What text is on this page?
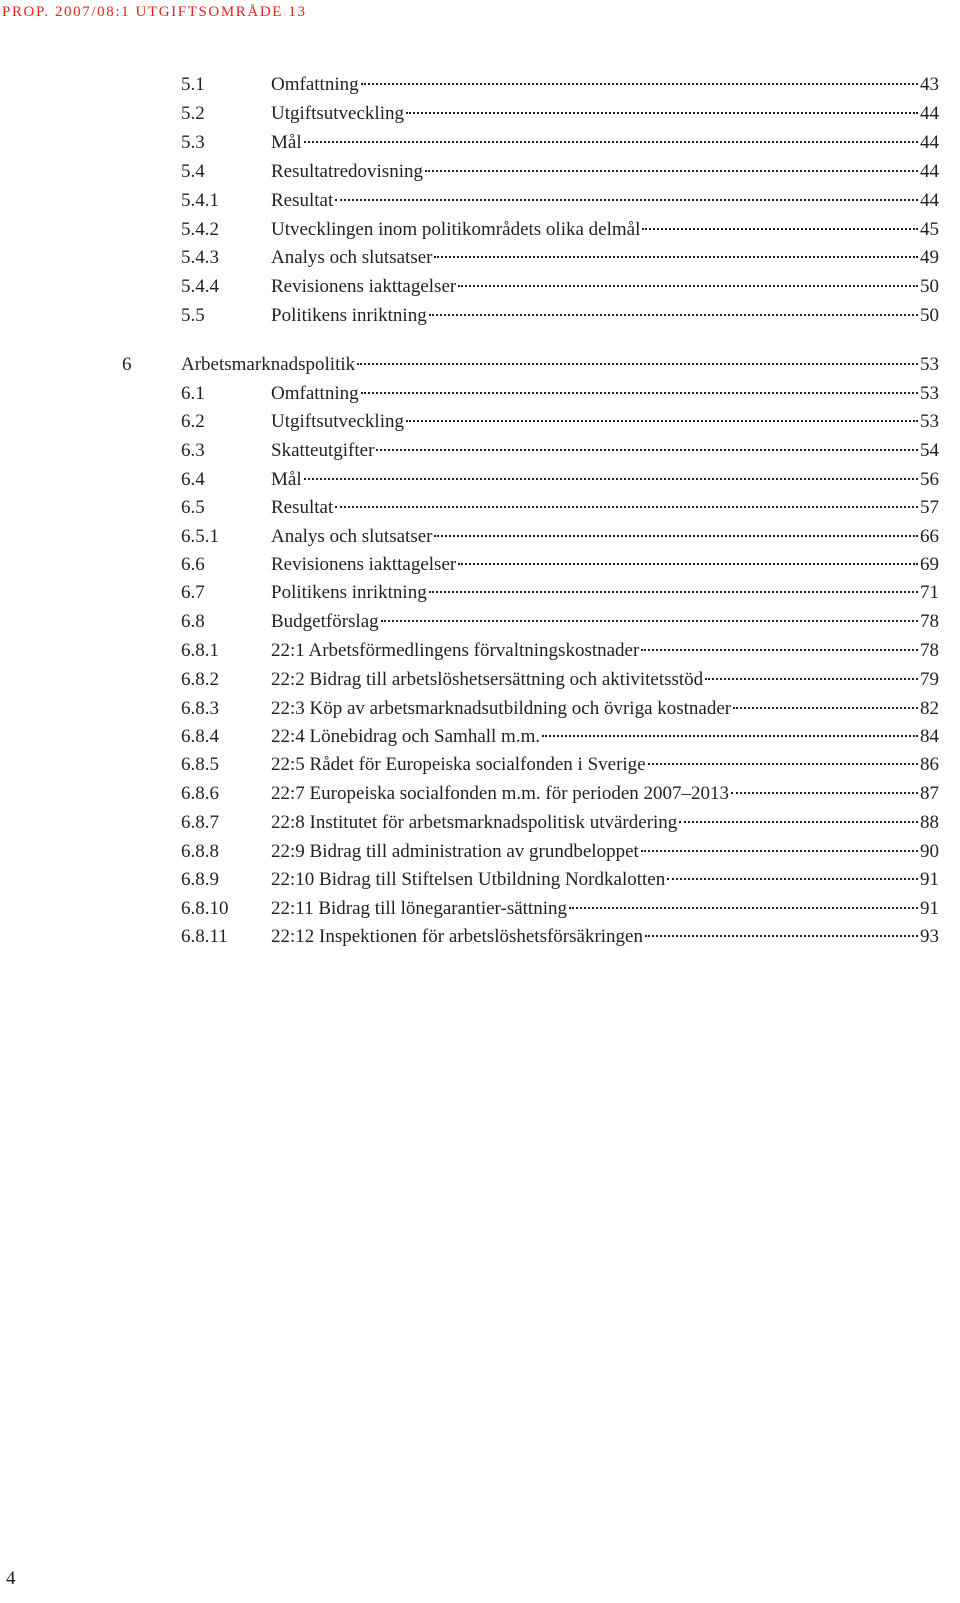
PROP. 2007/08:1 UTGIFTSOMRÅDE 13
5.1	Omfattning	43
5.2	Utgiftsutveckling	44
5.3	Mål	44
5.4	Resultatredovisning	44
5.4.1	Resultat	44
5.4.2	Utvecklingen inom politikområdets olika delmål	45
5.4.3	Analys och slutsatser	49
5.4.4	Revisionens iakttagelser	50
5.5	Politikens inriktning	50
6	Arbetsmarknadspolitik	53
6.1	Omfattning	53
6.2	Utgiftsutveckling	53
6.3	Skatteutgifter	54
6.4	Mål	56
6.5	Resultat	57
6.5.1	Analys och slutsatser	66
6.6	Revisionens iakttagelser	69
6.7	Politikens inriktning	71
6.8	Budgetförslag	78
6.8.1	22:1 Arbetsförmedlingens förvaltningskostnader	78
6.8.2	22:2 Bidrag till arbetslöshetsersättning och aktivitetsstöd	79
6.8.3	22:3 Köp av arbetsmarknadsutbildning och övriga kostnader	82
6.8.4	22:4 Lönebidrag och Samhall m.m.	84
6.8.5	22:5 Rådet för Europeiska socialfonden i Sverige	86
6.8.6	22:7 Europeiska socialfonden m.m. för perioden 2007–2013	87
6.8.7	22:8 Institutet för arbetsmarknadspolitisk utvärdering	88
6.8.8	22:9 Bidrag till administration av grundbeloppet	90
6.8.9	22:10 Bidrag till Stiftelsen Utbildning Nordkalotten	91
6.8.10 22:11 Bidrag till lönegarantier-sättning	91
6.8.11 22:12 Inspektionen för arbetslöshetsförsäkringen	93
4
